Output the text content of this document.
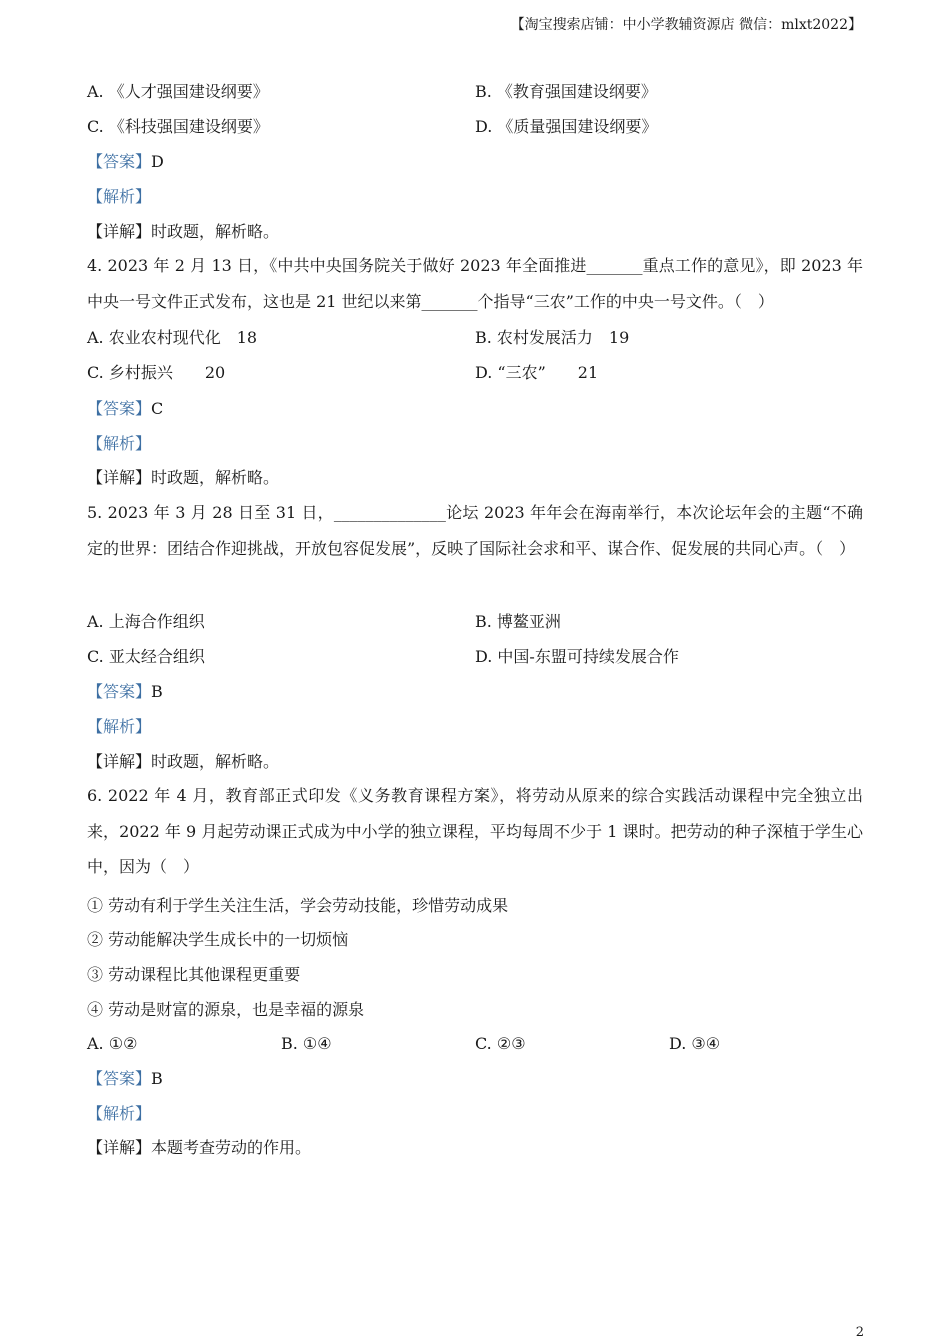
【淘宝搜索店铺：中小学教辅资源店 微信：mlxt2022】
A. 《人才强国建设纲要》	B. 《教育强国建设纲要》
C. 《科技强国建设纲要》	D. 《质量强国建设纲要》
【答案】D
【解析】
【详解】时政题，解析略。
4. 2023 年 2 月 13 日，《中共中央国务院关于做好 2023 年全面推进_______重点工作的意见》，即 2023 年中央一号文件正式发布，这也是 21 世纪以来第_______个指导“三农”工作的中央一号文件。（　）
A. 农业农村现代化　18	B. 农村发展活力　19
C. 乡村振兴　　20	D. “三农”　　21
【答案】C
【解析】
【详解】时政题，解析略。
5. 2023 年 3 月 28 日至 31 日，______________论坛 2023 年年会在海南举行，本次论坛年会的主题“不确定的世界：团结合作迎挑战，开放包容促发展”，反映了国际社会求和平、谋合作、促发展的共同心声。（　）
A. 上海合作组织	B. 博鳌亚洲
C. 亚太经合组织	D. 中国-东盟可持续发展合作
【答案】B
【解析】
【详解】时政题，解析略。
6. 2022 年 4 月，教育部正式印发《义务教育课程方案》，将劳动从原来的综合实践活动课程中完全独立出来，2022 年 9 月起劳动课正式成为中小学的独立课程，平均每周不少于 1 课时。把劳动的种子深植于学生心中，因为（　）
① 劳动有利于学生关注生活，学会劳动技能，珍惜劳动成果
② 劳动能解决学生成长中的一切烦恼
③ 劳动课程比其他课程更重要
④ 劳动是财富的源泉，也是幸福的源泉
A. ①②	B. ①④	C. ②③	D. ③④
【答案】B
【解析】
【详解】本题考查劳动的作用。
2
